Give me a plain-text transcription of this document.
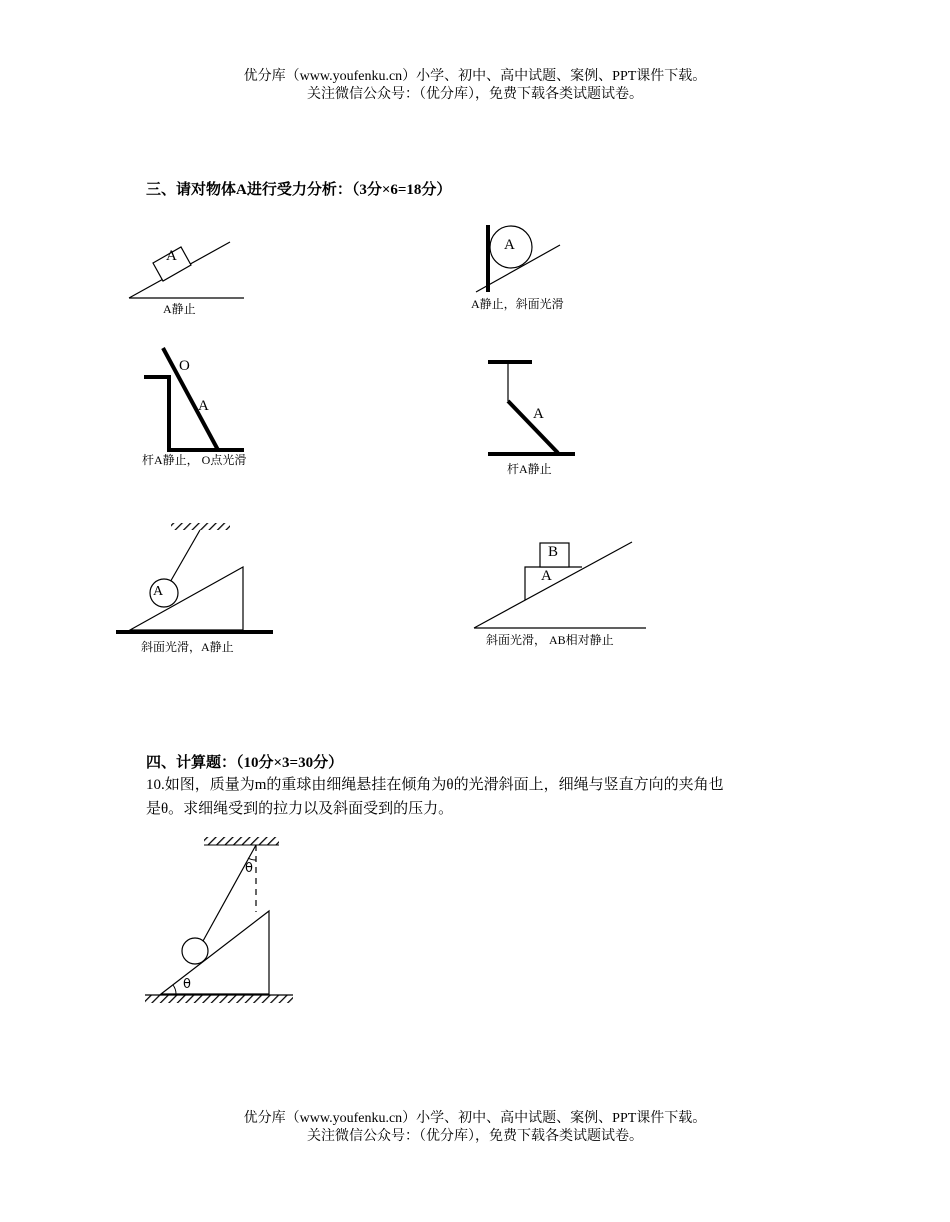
优分库（www.youfenku.cn）小学、初中、高中试题、案例、PPT课件下载。
关注微信公众号：（优分库），免费下载各类试题试卷。
三、请对物体A进行受力分析：（3分×6=18分）
A
A静止
A
A静止，斜面光滑
O
A
杆A静止， O点光滑
A
杆A静止
A
斜面光滑，A静止
B
A
斜面光滑， AB相对静止
四、计算题：（10分×3=30分）
10.如图，质量为m的重球由细绳悬挂在倾角为θ的光滑斜面上，细绳与竖直方向的夹角也
是θ。求细绳受到的拉力以及斜面受到的压力。
θ
θ
优分库（www.youfenku.cn）小学、初中、高中试题、案例、PPT课件下载。
关注微信公众号：（优分库），免费下载各类试题试卷。
